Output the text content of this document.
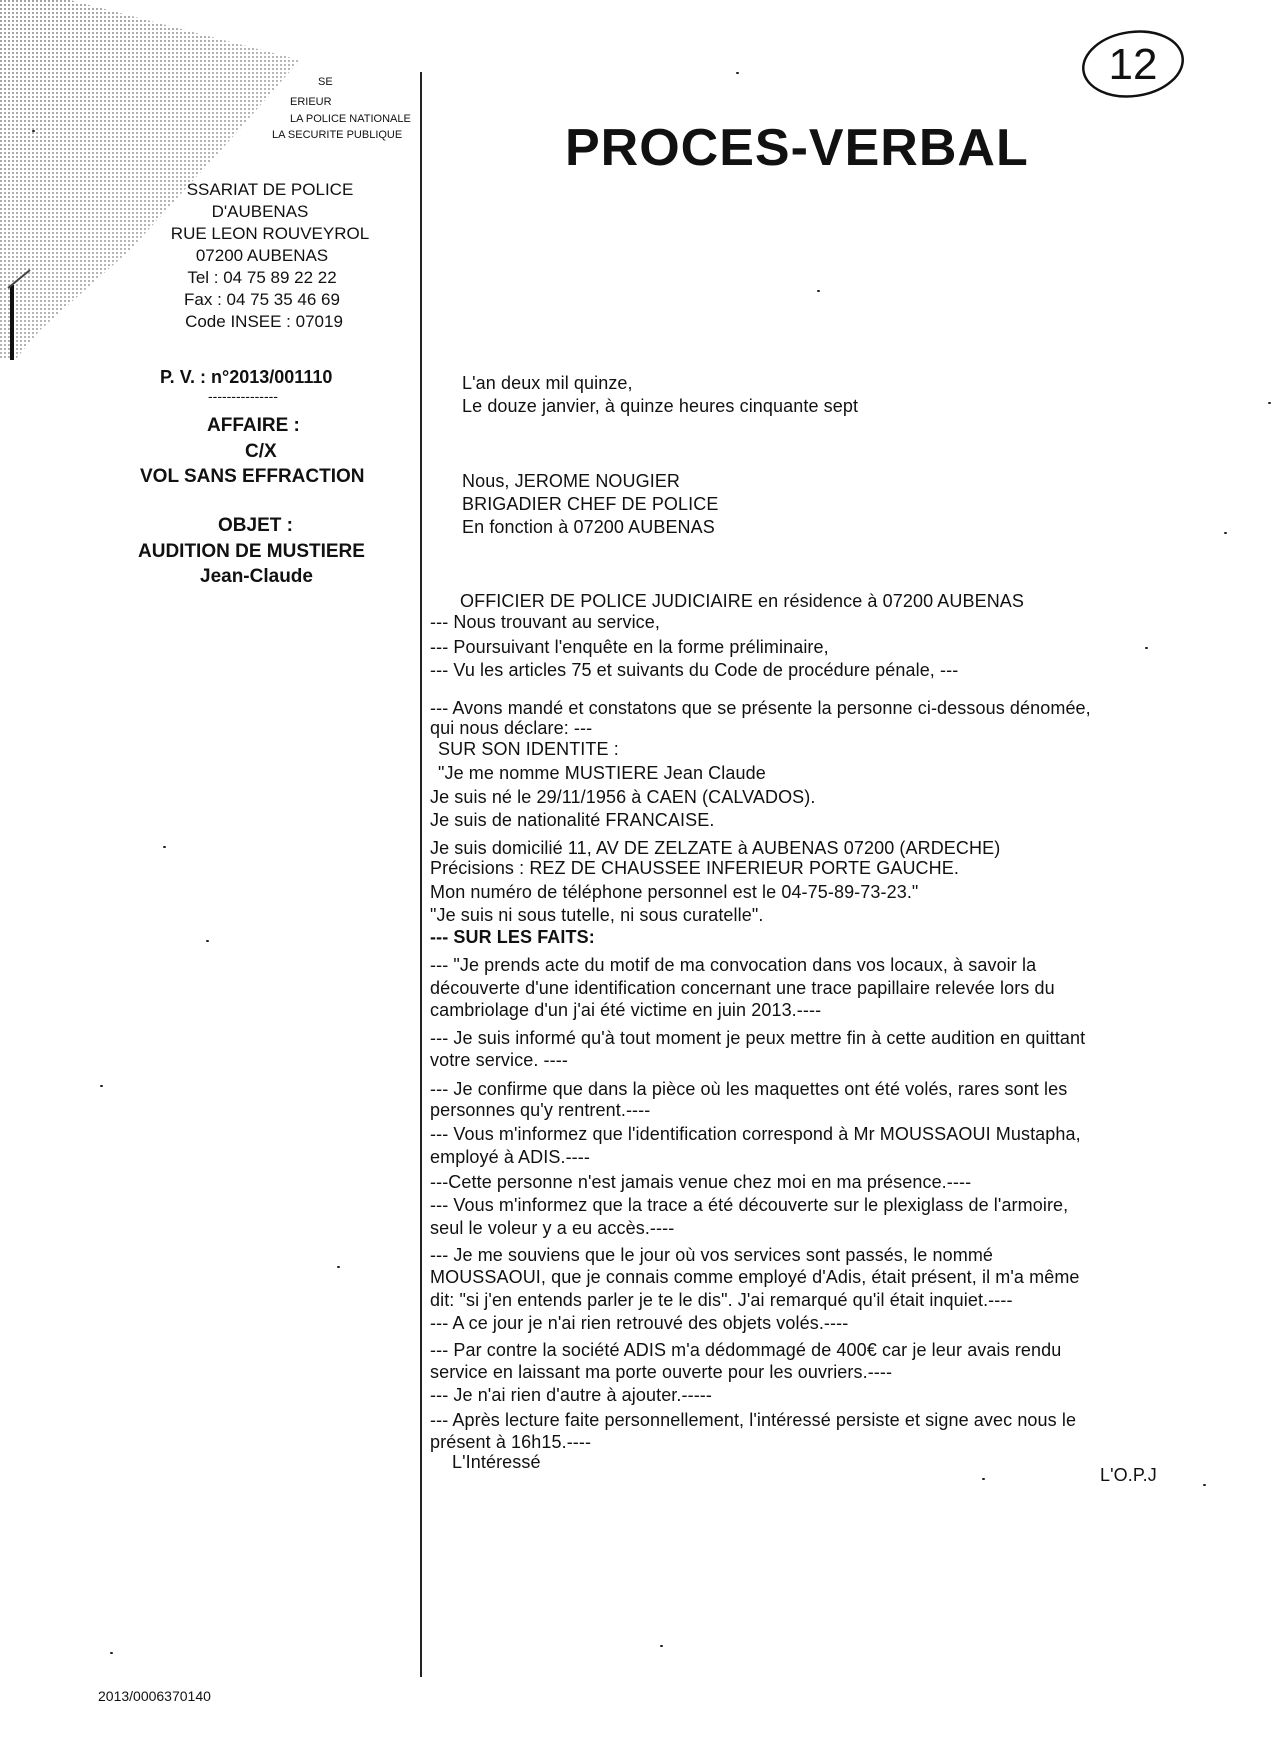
SE
ERIEUR
LA POLICE NATIONALE
LA SECURITE PUBLIQUE
SSARIAT DE POLICE
D'AUBENAS
RUE LEON ROUVEYROL
07200 AUBENAS
Tel : 04 75 89 22 22
Fax : 04 75 35 46 69
Code INSEE : 07019
12
PROCES-VERBAL
P. V. : n°2013/001110
---------------
AFFAIRE :
C/X
VOL SANS EFFRACTION
OBJET :
AUDITION DE MUSTIERE
Jean-Claude
L'an deux mil quinze,
Le douze janvier, à quinze heures cinquante sept
Nous, JEROME NOUGIER
BRIGADIER CHEF DE POLICE
En fonction à 07200 AUBENAS
OFFICIER DE POLICE JUDICIAIRE en résidence à 07200 AUBENAS
--- Nous trouvant au service,
--- Poursuivant l'enquête en la forme préliminaire,
--- Vu les articles 75 et suivants du Code de procédure pénale, ---
--- Avons mandé et constatons que se présente la personne ci-dessous dénomée,
qui nous déclare: ---
SUR SON IDENTITE :
"Je me nomme MUSTIERE Jean Claude
Je suis né le 29/11/1956 à CAEN (CALVADOS).
Je suis de nationalité FRANCAISE.
Je suis domicilié 11, AV DE ZELZATE à AUBENAS 07200 (ARDECHE)
Précisions : REZ DE CHAUSSEE INFERIEUR PORTE GAUCHE.
Mon numéro de téléphone personnel est le 04-75-89-73-23."
"Je suis ni sous tutelle, ni sous curatelle".
--- SUR LES FAITS:
--- "Je prends acte du motif de ma convocation dans vos locaux, à savoir la
découverte d'une identification concernant une trace papillaire relevée lors du
cambriolage d'un j'ai été victime en juin 2013.----
--- Je suis informé qu'à tout moment je peux mettre fin à cette audition en quittant
votre service. ----
--- Je confirme que dans la pièce où les maquettes ont été volés, rares sont les
personnes qu'y rentrent.----
--- Vous m'informez que l'identification correspond à Mr MOUSSAOUI Mustapha,
employé à ADIS.----
---Cette personne n'est jamais venue chez moi en ma présence.----
--- Vous m'informez que la trace a été découverte sur le plexiglass de l'armoire,
seul le voleur y a eu accès.----
--- Je me souviens que le jour où vos services sont passés, le nommé
MOUSSAOUI, que je connais comme employé d'Adis, était présent, il m'a même
dit: "si j'en entends parler je te le dis". J'ai remarqué qu'il était inquiet.----
--- A ce jour je n'ai rien retrouvé des objets volés.----
--- Par contre la société ADIS m'a dédommagé de 400€ car je leur avais rendu
service en laissant ma porte ouverte pour les ouvriers.----
--- Je n'ai rien d'autre à ajouter.-----
--- Après lecture faite personnellement, l'intéressé persiste et signe avec nous le
présent à 16h15.----
L'Intéressé
L'O.P.J
2013/0006370140
